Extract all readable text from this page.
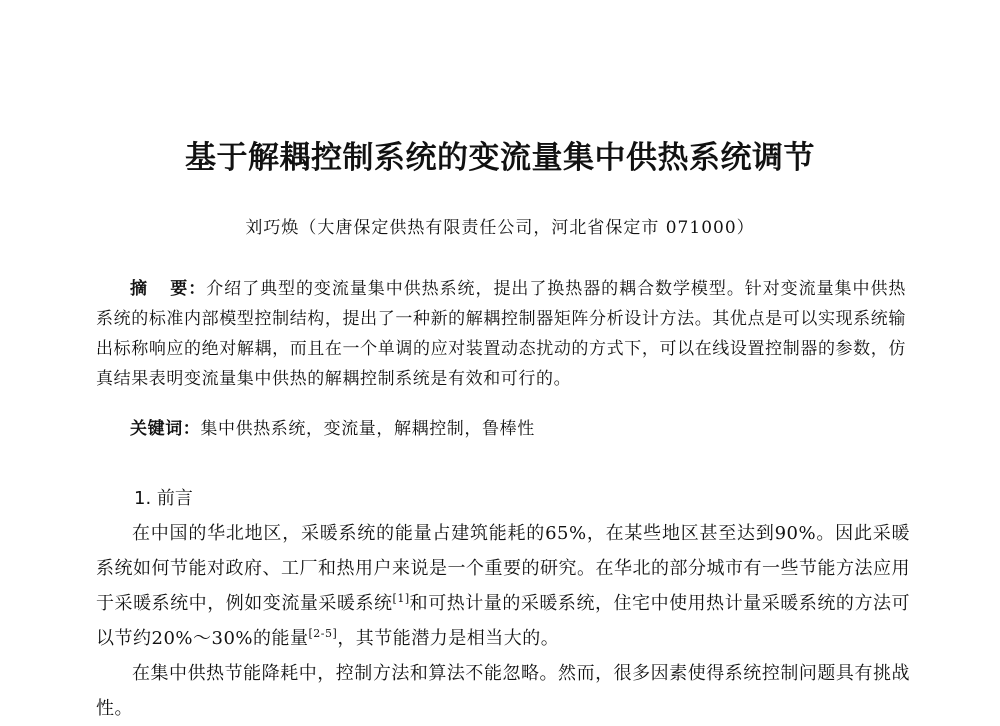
基于解耦控制系统的变流量集中供热系统调节
刘巧焕（大唐保定供热有限责任公司，河北省保定市 071000）
摘 要：介绍了典型的变流量集中供热系统，提出了换热器的耦合数学模型。针对变流量集中供热系统的标准内部模型控制结构，提出了一种新的解耦控制器矩阵分析设计方法。其优点是可以实现系统输出标称响应的绝对解耦，而且在一个单调的应对装置动态扰动的方式下，可以在线设置控制器的参数，仿真结果表明变流量集中供热的解耦控制系统是有效和可行的。
关键词：集中供热系统，变流量，解耦控制，鲁棒性
1. 前言

在中国的华北地区，采暖系统的能量占建筑能耗的65%，在某些地区甚至达到90%。因此采暖系统如何节能对政府、工厂和热用户来说是一个重要的研究。在华北的部分城市有一些节能方法应用于采暖系统中，例如变流量采暖系统[1]和可热计量的采暖系统，住宅中使用热计量采暖系统的方法可以节约20%～30%的能量[2-5]，其节能潜力是相当大的。

在集中供热节能降耗中，控制方法和算法不能忽略。然而，很多因素使得系统控制问题具有挑战性。
